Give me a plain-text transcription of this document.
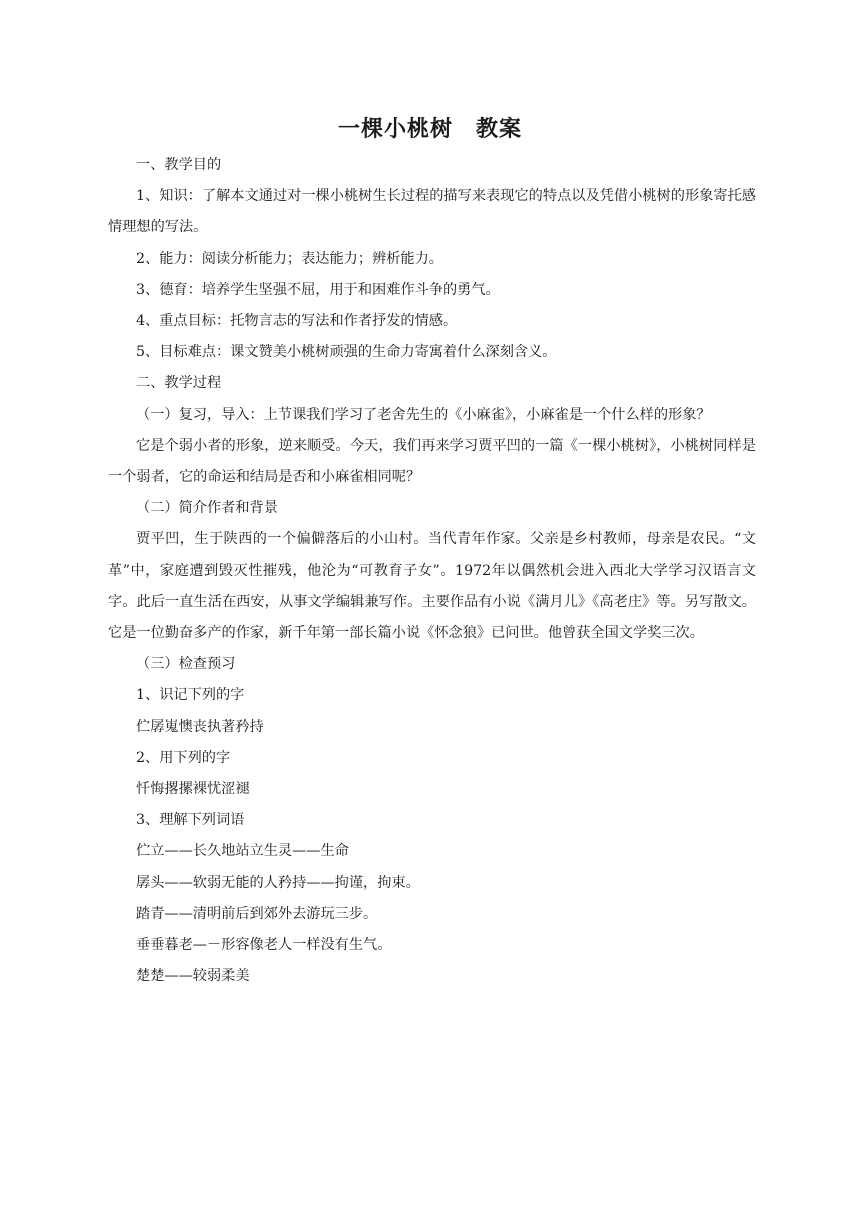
一棵小桃树　教案

一、教学目的

1、知识：了解本文通过对一棵小桃树生长过程的描写来表现它的特点以及凭借小桃树的形象寄托感情理想的写法。

2、能力：阅读分析能力；表达能力；辨析能力。

3、德育：培养学生坚强不屈，用于和困难作斗争的勇气。

4、重点目标：托物言志的写法和作者抒发的情感。

5、目标难点：课文赞美小桃树顽强的生命力寄寓着什么深刻含义。

二、教学过程

（一）复习，导入：上节课我们学习了老舍先生的《小麻雀》，小麻雀是一个什么样的形象？

它是个弱小者的形象，逆来顺受。今天，我们再来学习贾平凹的一篇《一棵小桃树》，小桃树同样是一个弱者，它的命运和结局是否和小麻雀相同呢？

（二）简介作者和背景

贾平凹，生于陕西的一个偏僻落后的小山村。当代青年作家。父亲是乡村教师，母亲是农民。“文革”中，家庭遭到毁灭性摧残，他沦为“可教育子女”。1972年以偶然机会进入西北大学学习汉语言文字。此后一直生活在西安，从事文学编辑兼写作。主要作品有小说《满月儿》《高老庄》等。另写散文。它是一位勤奋多产的作家，新千年第一部长篇小说《怀念狼》已问世。他曾获全国文学奖三次。

（三）检查预习

1、识记下列的字

伫孱嵬懊丧执著矜持

2、用下列的字

忏悔撂摞裸忧涩褪

3、理解下列词语

伫立——长久地站立生灵——生命

孱头——软弱无能的人矜持——拘谨，拘束。

踏青——清明前后到郊外去游玩三步。

垂垂暮老—－形容像老人一样没有生气。

楚楚——较弱柔美
